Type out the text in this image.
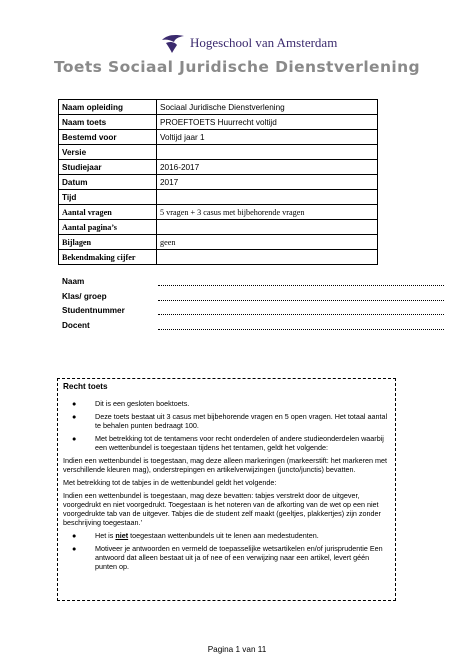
Hogeschool van Amsterdam
Toets Sociaal Juridische Dienstverlening
Naam opleiding	Sociaal Juridische Dienstverlening
Naam toets	PROEFTOETS Huurrecht voltijd
Bestemd voor	Voltijd jaar 1
Versie	
Studiejaar	2016-2017
Datum	2017
Tijd	
Aantal vragen	5 vragen + 3 casus met bijbehorende vragen
Aantal pagina’s	
Bijlagen	geen
Bekendmaking cijfer	
Naam
Klas/ groep
Studentnummer
Docent
Recht toets
●	Dit is een gesloten boektoets.
●	Deze toets bestaat uit 3 casus met bijbehorende vragen en 5 open vragen. Het totaal aantal te behalen punten bedraagt 100.
●	Met betrekking tot de tentamens voor recht onderdelen of andere studieonderdelen waarbij een wettenbundel is toegestaan tijdens het tentamen, geldt het volgende:
Indien een wettenbundel is toegestaan, mag deze alleen markeringen (markeerstift: het markeren met verschillende kleuren mag), onderstrepingen en artikelverwijzingen (juncto/junctis) bevatten.
Met betrekking tot de tabjes in de wettenbundel geldt het volgende:
Indien een wettenbundel is toegestaan, mag deze bevatten: tabjes verstrekt door de uitgever, voorgedrukt en niet voorgedrukt. Toegestaan is het noteren van de afkorting van de wet op een niet voorgedrukte tab van de uitgever. Tabjes die de student zelf maakt (geeltjes, plakkertjes) zijn zonder beschrijving toegestaan.’
●	Het is niet toegestaan wettenbundels uit te lenen aan medestudenten.
●	Motiveer je antwoorden en vermeld de toepasselijke wetsartikelen en/of jurisprudentie Een antwoord dat alleen bestaat uit ja of nee of een verwijzing naar een artikel, levert géén punten op.
Pagina 1 van 11
